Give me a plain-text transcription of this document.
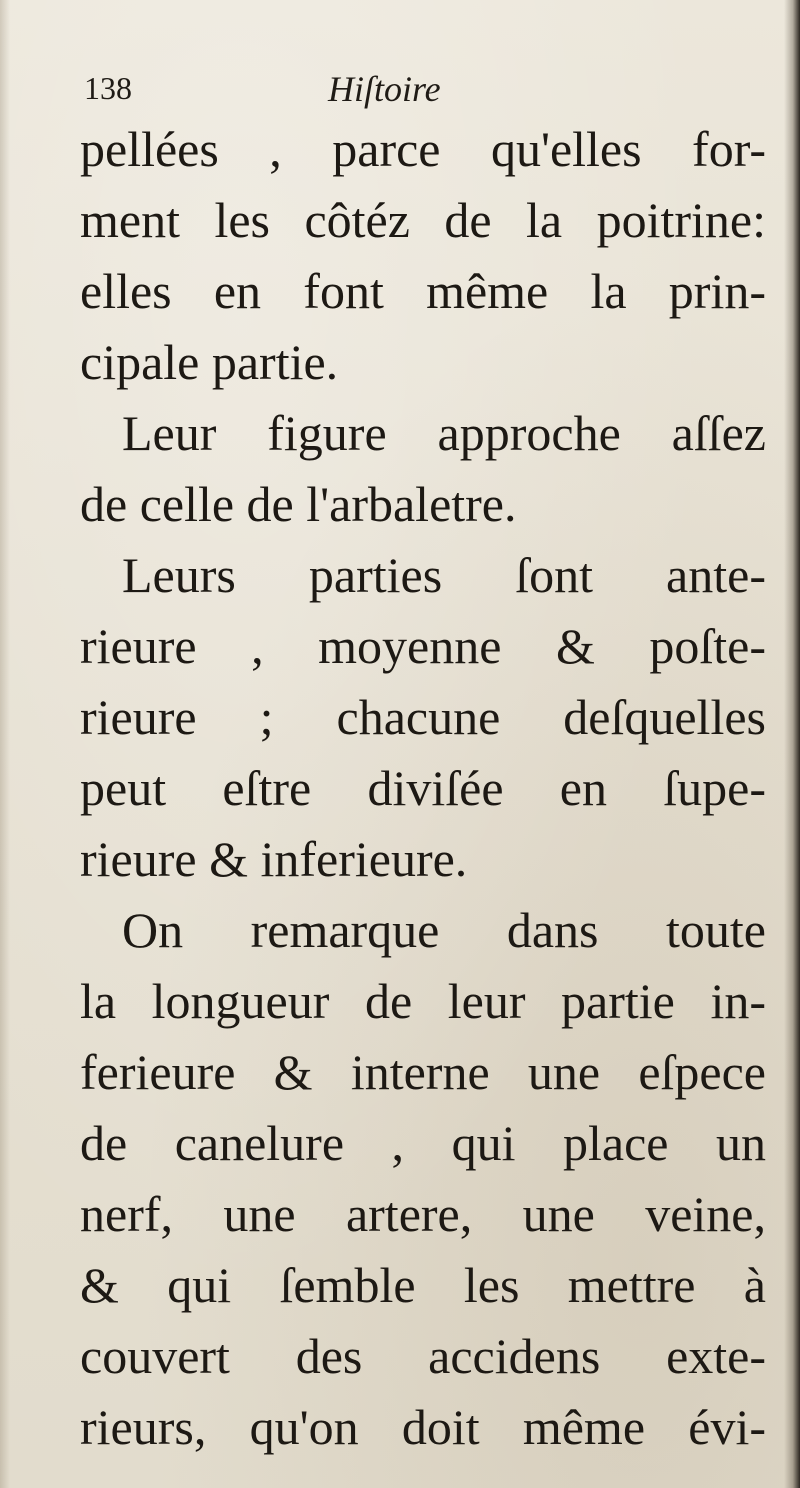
138	Hiſtoire
pellées , parce qu'elles for-
ment les côtéz de la poitrine:
elles en font même la prin-
cipale partie.
Leur figure approche aſſez
de celle de l'arbaletre.
Leurs parties ſont ante-
rieure , moyenne & poſte-
rieure ; chacune deſquelles
peut eſtre diviſée en ſupe-
rieure & inferieure.
On remarque dans toute
la longueur de leur partie in-
ferieure & interne une eſpece
de canelure , qui place un
nerf, une artere, une veine,
& qui ſemble les mettre à
couvert des accidens exte-
rieurs, qu'on doit même évi-
